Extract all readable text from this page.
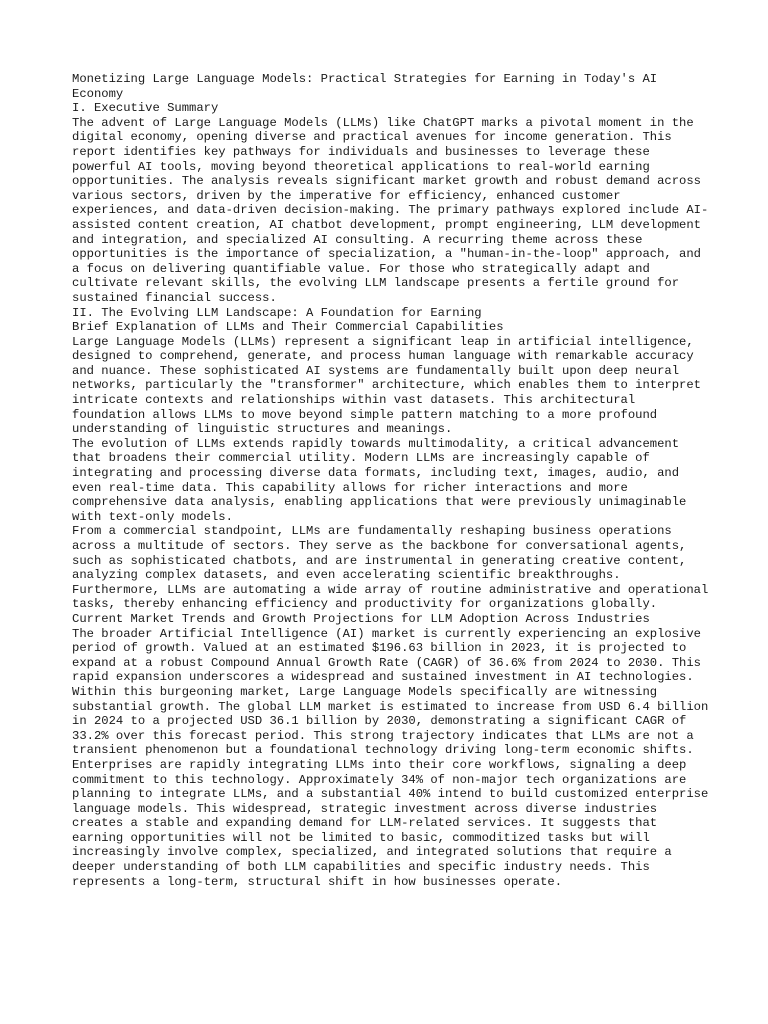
Monetizing Large Language Models: Practical Strategies for Earning in Today's AI Economy

I. Executive Summary

The advent of Large Language Models (LLMs) like ChatGPT marks a pivotal moment in the digital economy, opening diverse and practical avenues for income generation. This report identifies key pathways for individuals and businesses to leverage these powerful AI tools, moving beyond theoretical applications to real-world earning opportunities. The analysis reveals significant market growth and robust demand across various sectors, driven by the imperative for efficiency, enhanced customer experiences, and data-driven decision-making. The primary pathways explored include AI-assisted content creation, AI chatbot development, prompt engineering, LLM development and integration, and specialized AI consulting. A recurring theme across these opportunities is the importance of specialization, a "human-in-the-loop" approach, and a focus on delivering quantifiable value. For those who strategically adapt and cultivate relevant skills, the evolving LLM landscape presents a fertile ground for sustained financial success.

II. The Evolving LLM Landscape: A Foundation for Earning

Brief Explanation of LLMs and Their Commercial Capabilities

Large Language Models (LLMs) represent a significant leap in artificial intelligence, designed to comprehend, generate, and process human language with remarkable accuracy and nuance. These sophisticated AI systems are fundamentally built upon deep neural networks, particularly the "transformer" architecture, which enables them to interpret intricate contexts and relationships within vast datasets. This architectural foundation allows LLMs to move beyond simple pattern matching to a more profound understanding of linguistic structures and meanings.

The evolution of LLMs extends rapidly towards multimodality, a critical advancement that broadens their commercial utility. Modern LLMs are increasingly capable of integrating and processing diverse data formats, including text, images, audio, and even real-time data. This capability allows for richer interactions and more comprehensive data analysis, enabling applications that were previously unimaginable with text-only models.

From a commercial standpoint, LLMs are fundamentally reshaping business operations across a multitude of sectors. They serve as the backbone for conversational agents, such as sophisticated chatbots, and are instrumental in generating creative content, analyzing complex datasets, and even accelerating scientific breakthroughs. Furthermore, LLMs are automating a wide array of routine administrative and operational tasks, thereby enhancing efficiency and productivity for organizations globally.

Current Market Trends and Growth Projections for LLM Adoption Across Industries

The broader Artificial Intelligence (AI) market is currently experiencing an explosive period of growth. Valued at an estimated $196.63 billion in 2023, it is projected to expand at a robust Compound Annual Growth Rate (CAGR) of 36.6% from 2024 to 2030. This rapid expansion underscores a widespread and sustained investment in AI technologies.

Within this burgeoning market, Large Language Models specifically are witnessing substantial growth. The global LLM market is estimated to increase from USD 6.4 billion in 2024 to a projected USD 36.1 billion by 2030, demonstrating a significant CAGR of 33.2% over this forecast period. This strong trajectory indicates that LLMs are not a transient phenomenon but a foundational technology driving long-term economic shifts.

Enterprises are rapidly integrating LLMs into their core workflows, signaling a deep commitment to this technology. Approximately 34% of non-major tech organizations are planning to integrate LLMs, and a substantial 40% intend to build customized enterprise language models. This widespread, strategic investment across diverse industries creates a stable and expanding demand for LLM-related services. It suggests that earning opportunities will not be limited to basic, commoditized tasks but will increasingly involve complex, specialized, and integrated solutions that require a deeper understanding of both LLM capabilities and specific industry needs. This represents a long-term, structural shift in how businesses operate.
